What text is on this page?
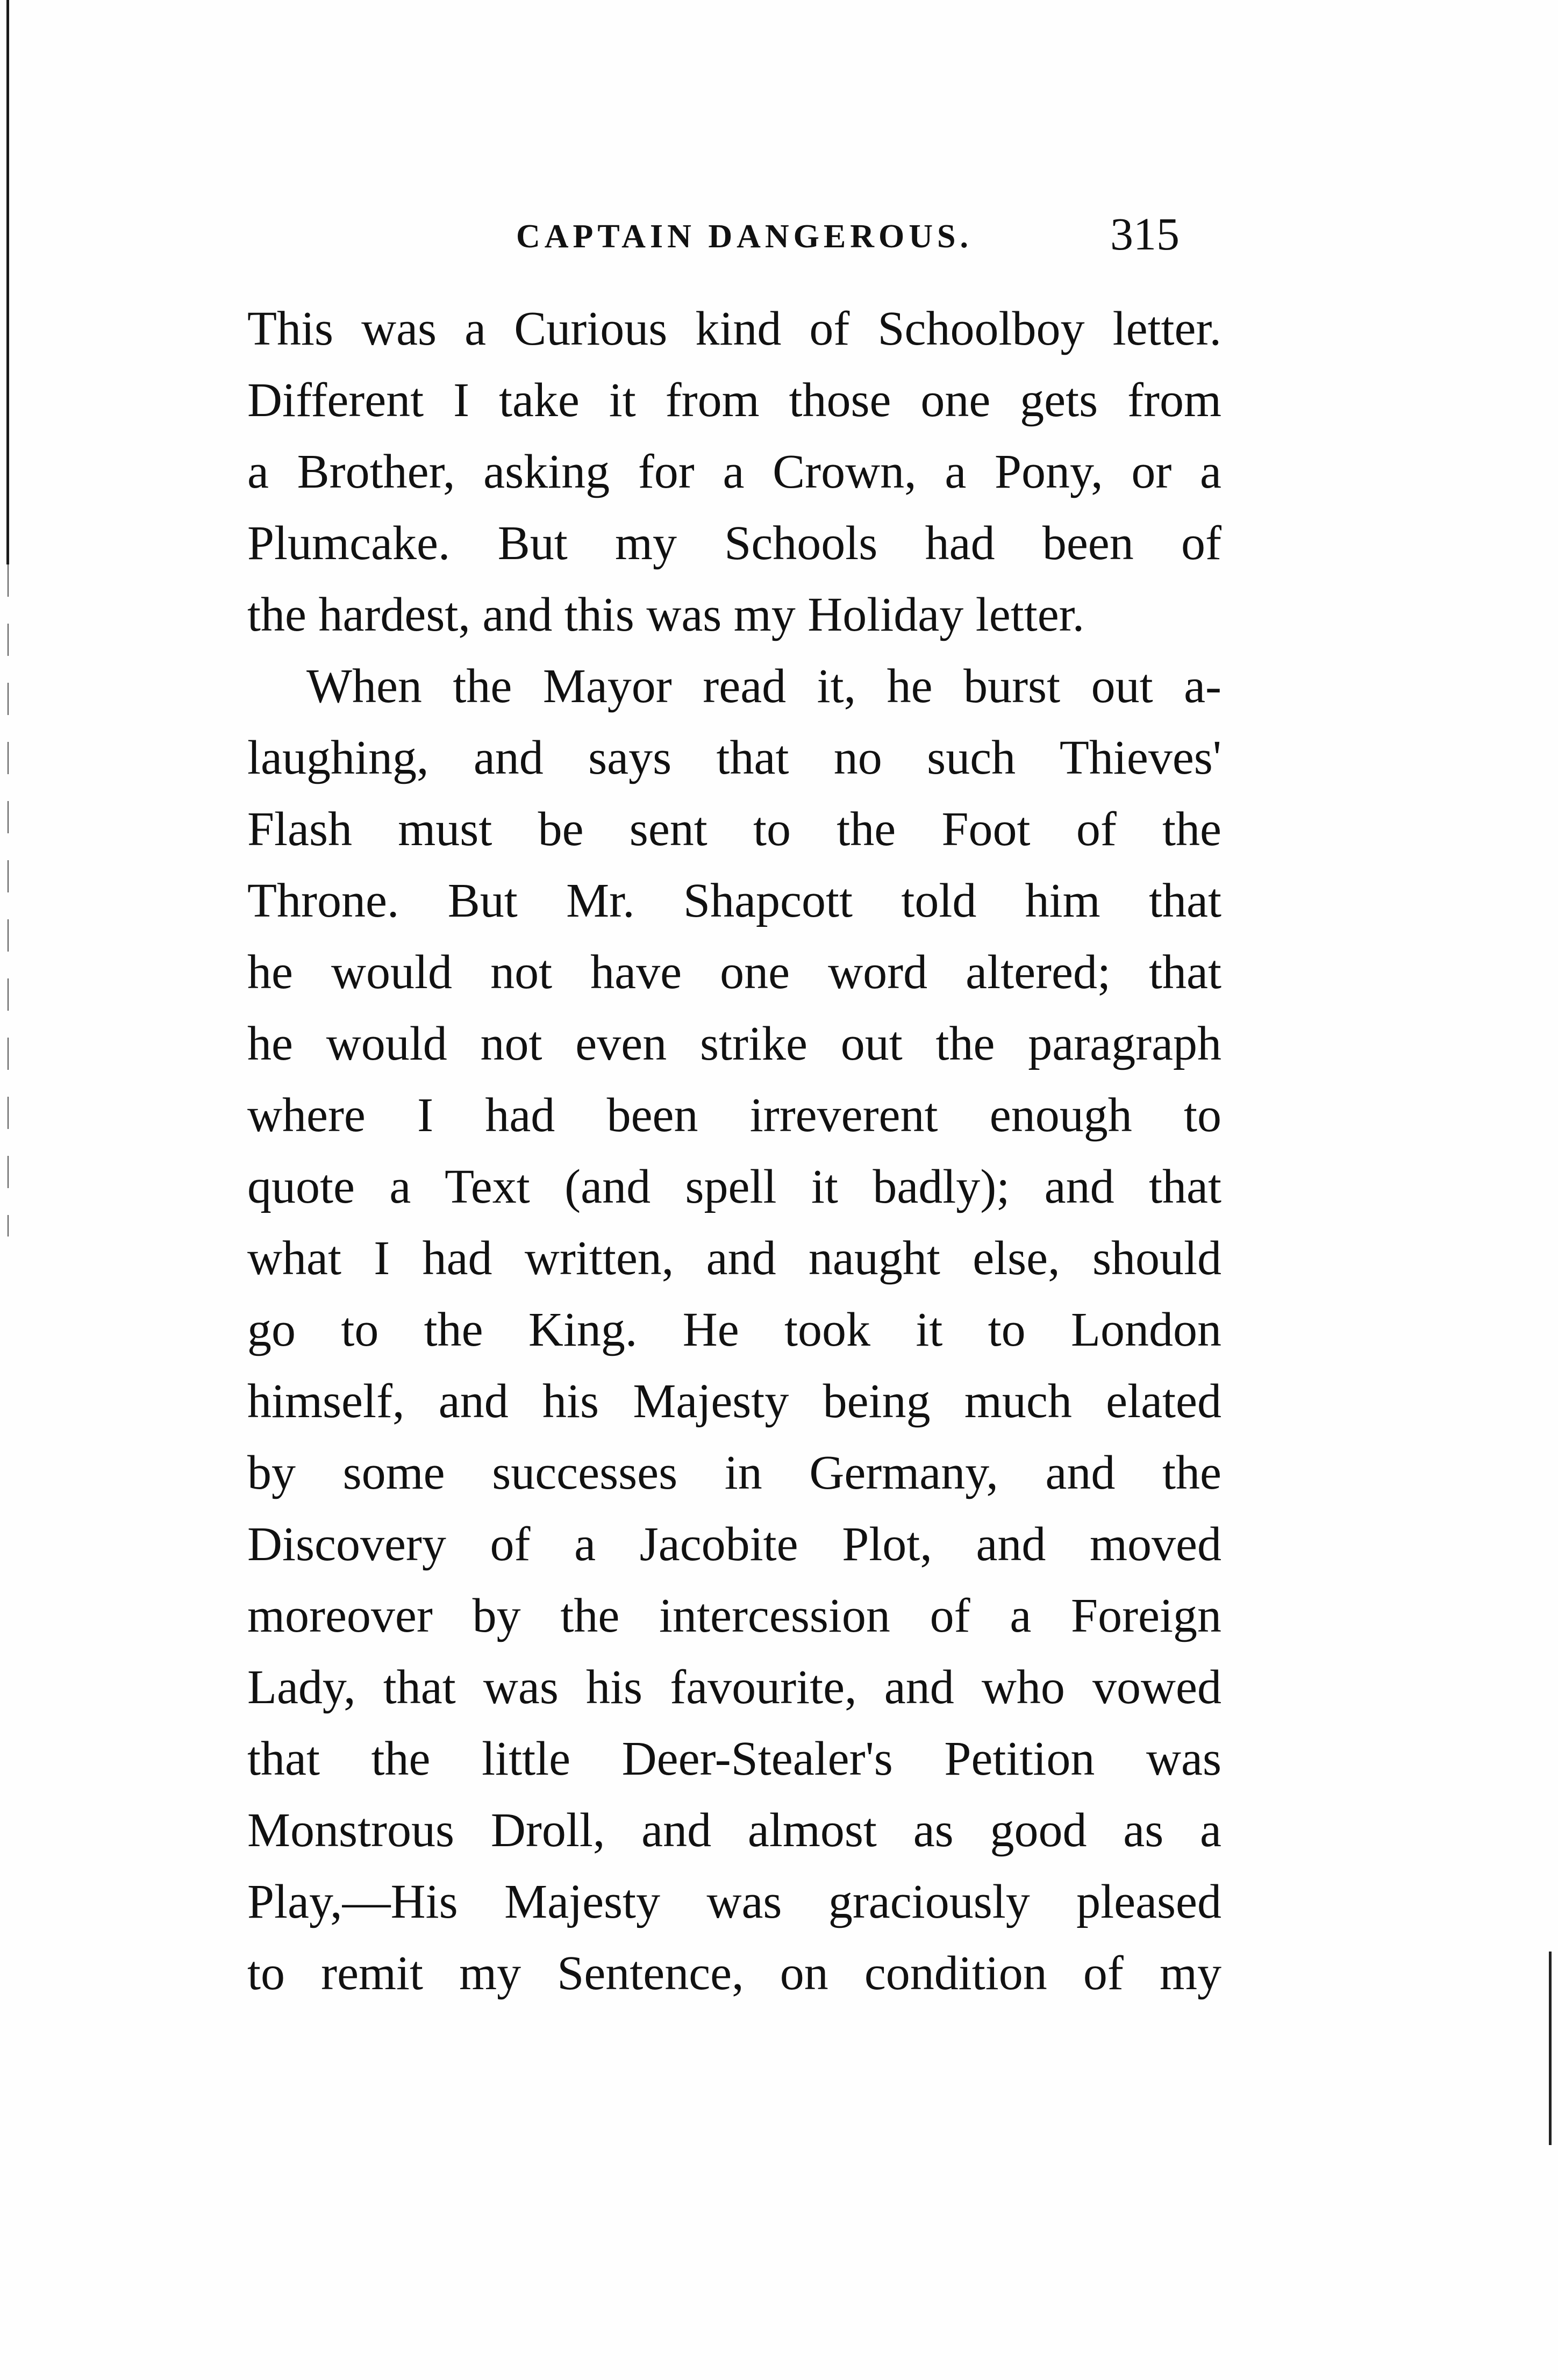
CAPTAIN DANGEROUS.	315
This was a Curious kind of Schoolboy letter.
Different I take it from those one gets from
a Brother, asking for a Crown, a Pony, or a
Plumcake. But my Schools had been of
the hardest, and this was my Holiday letter.
When the Mayor read it, he burst out a-
laughing, and says that no such Thieves'
Flash must be sent to the Foot of the
Throne. But Mr. Shapcott told him that
he would not have one word altered; that
he would not even strike out the paragraph
where I had been irreverent enough to
quote a Text (and spell it badly); and that
what I had written, and naught else, should
go to the King. He took it to London
himself, and his Majesty being much elated
by some successes in Germany, and the
Discovery of a Jacobite Plot, and moved
moreover by the intercession of a Foreign
Lady, that was his favourite, and who vowed
that the little Deer-Stealer's Petition was
Monstrous Droll, and almost as good as a
Play,—His Majesty was graciously pleased
to remit my Sentence, on condition of my
